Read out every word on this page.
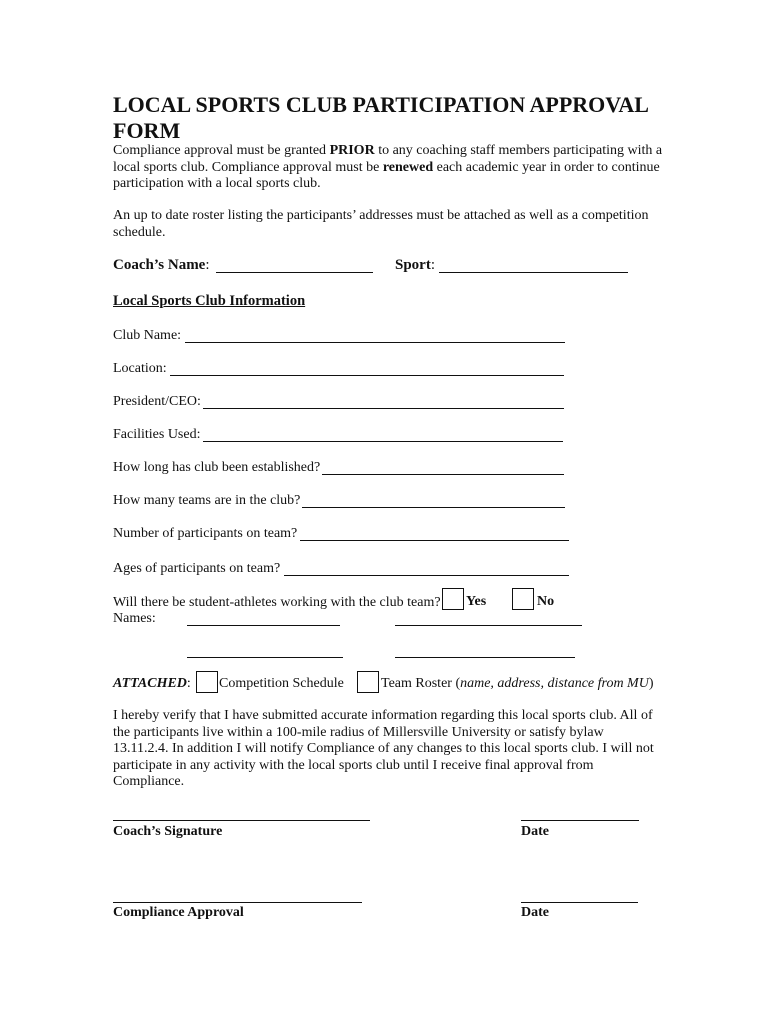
LOCAL SPORTS CLUB PARTICIPATION APPROVAL FORM
Compliance approval must be granted PRIOR to any coaching staff members participating with a local sports club. Compliance approval must be renewed each academic year in order to continue participation with a local sports club.
An up to date roster listing the participants’ addresses must be attached as well as a competition schedule.
Coach’s Name:	Sport:
Local Sports Club Information
Club Name:
Location:
President/CEO:
Facilities Used:
How long has club been established?
How many teams are in the club?
Number of participants on team?
Ages of participants on team?
Will there be student-athletes working with the club team? Yes	No
Names:
ATTACHED: Competition Schedule	Team Roster (name, address, distance from MU)
I hereby verify that I have submitted accurate information regarding this local sports club. All of the participants live within a 100-mile radius of Millersville University or satisfy bylaw 13.11.2.4. In addition I will notify Compliance of any changes to this local sports club. I will not participate in any activity with the local sports club until I receive final approval from Compliance.
Coach’s Signature	Date
Compliance Approval	Date
